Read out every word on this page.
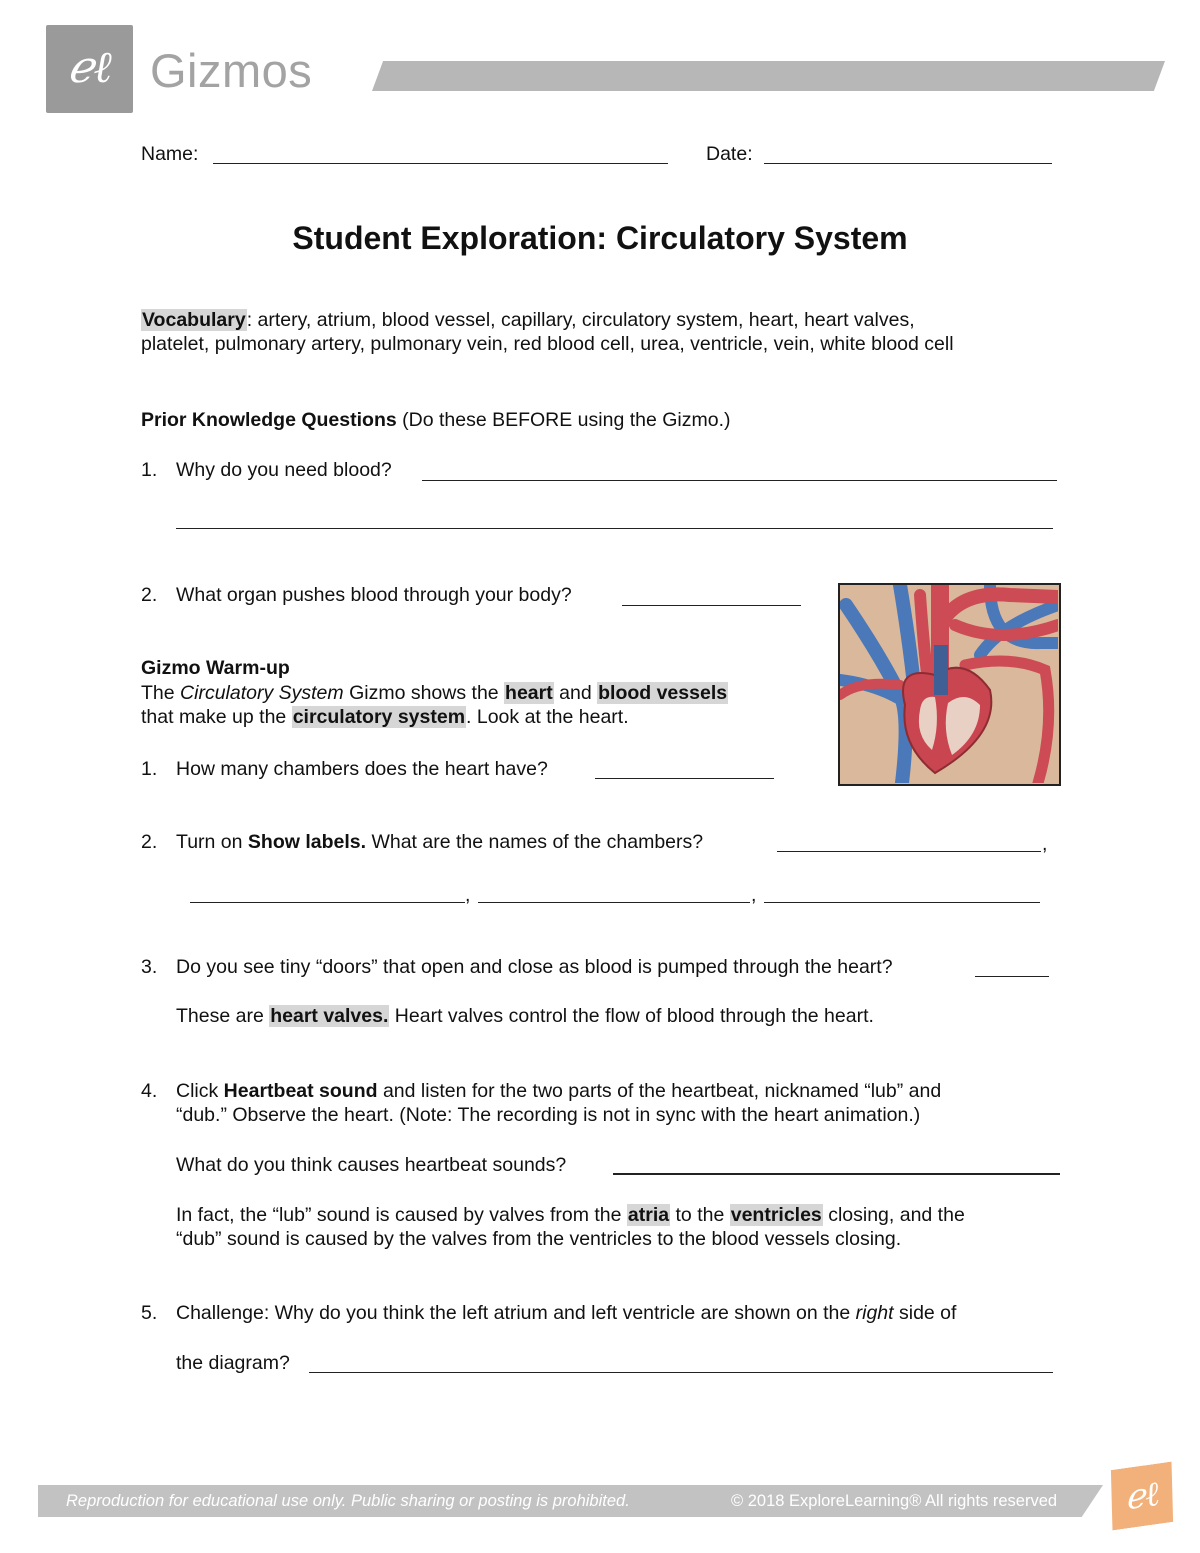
ℯℓ Gizmos
Name:	Date:
Student Exploration: Circulatory System
Vocabulary: artery, atrium, blood vessel, capillary, circulatory system, heart, heart valves,
platelet, pulmonary artery, pulmonary vein, red blood cell, urea, ventricle, vein, white blood cell
Prior Knowledge Questions (Do these BEFORE using the Gizmo.)
1. Why do you need blood?
2. What organ pushes blood through your body?
Gizmo Warm-up
The Circulatory System Gizmo shows the heart and blood vessels
that make up the circulatory system. Look at the heart.
1. How many chambers does the heart have?
2. Turn on Show labels. What are the names of the chambers?	,
,	,
3. Do you see tiny “doors” that open and close as blood is pumped through the heart?
These are heart valves. Heart valves control the flow of blood through the heart.
4. Click Heartbeat sound and listen for the two parts of the heartbeat, nicknamed “lub” and
“dub.” Observe the heart. (Note: The recording is not in sync with the heart animation.)
What do you think causes heartbeat sounds?
In fact, the “lub” sound is caused by valves from the atria to the ventricles closing, and the
“dub” sound is caused by the valves from the ventricles to the blood vessels closing.
5. Challenge: Why do you think the left atrium and left ventricle are shown on the right side of
the diagram?
Reproduction for educational use only. Public sharing or posting is prohibited.	© 2018 ExploreLearning® All rights reserved	ℯℓ
